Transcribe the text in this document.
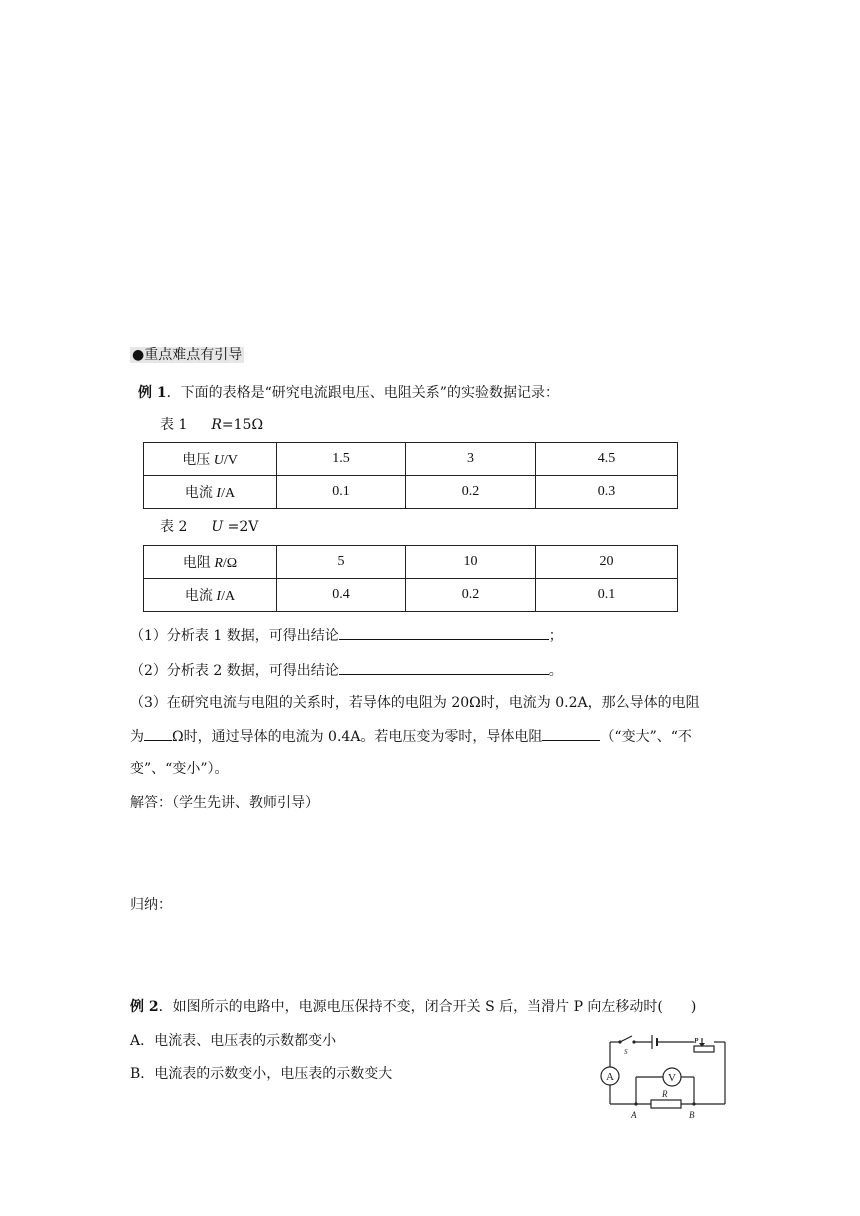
●重点难点有引导
例 1．下面的表格是“研究电流跟电压、电阻关系”的实验数据记录：
表 1 R=15Ω
电压 U/V	1.5	3	4.5
电流 I/A	0.1	0.2	0.3
表 2 U =2V
电阻 R/Ω	5	10	20
电流 I/A	0.4	0.2	0.1
（1）分析表 1 数据，可得出结论	；
（2）分析表 2 数据，可得出结论	。
（3）在研究电流与电阻的关系时，若导体的电阻为 20Ω时，电流为 0.2A，那么导体的电阻
为 Ω时，通过导体的电流为 0.4A。若电压变为零时，导体电阻	（“变大”、“不
变”、“变小”）。
解答：（学生先讲、教师引导）
归纳：
例 2．如图所示的电路中，电源电压保持不变，闭合开关 S 后，当滑片 P 向左移动时(　　)
A．电流表、电压表的示数都变小
B．电流表的示数变小，电压表的示数变大	A	V
S
P
R
A	B
